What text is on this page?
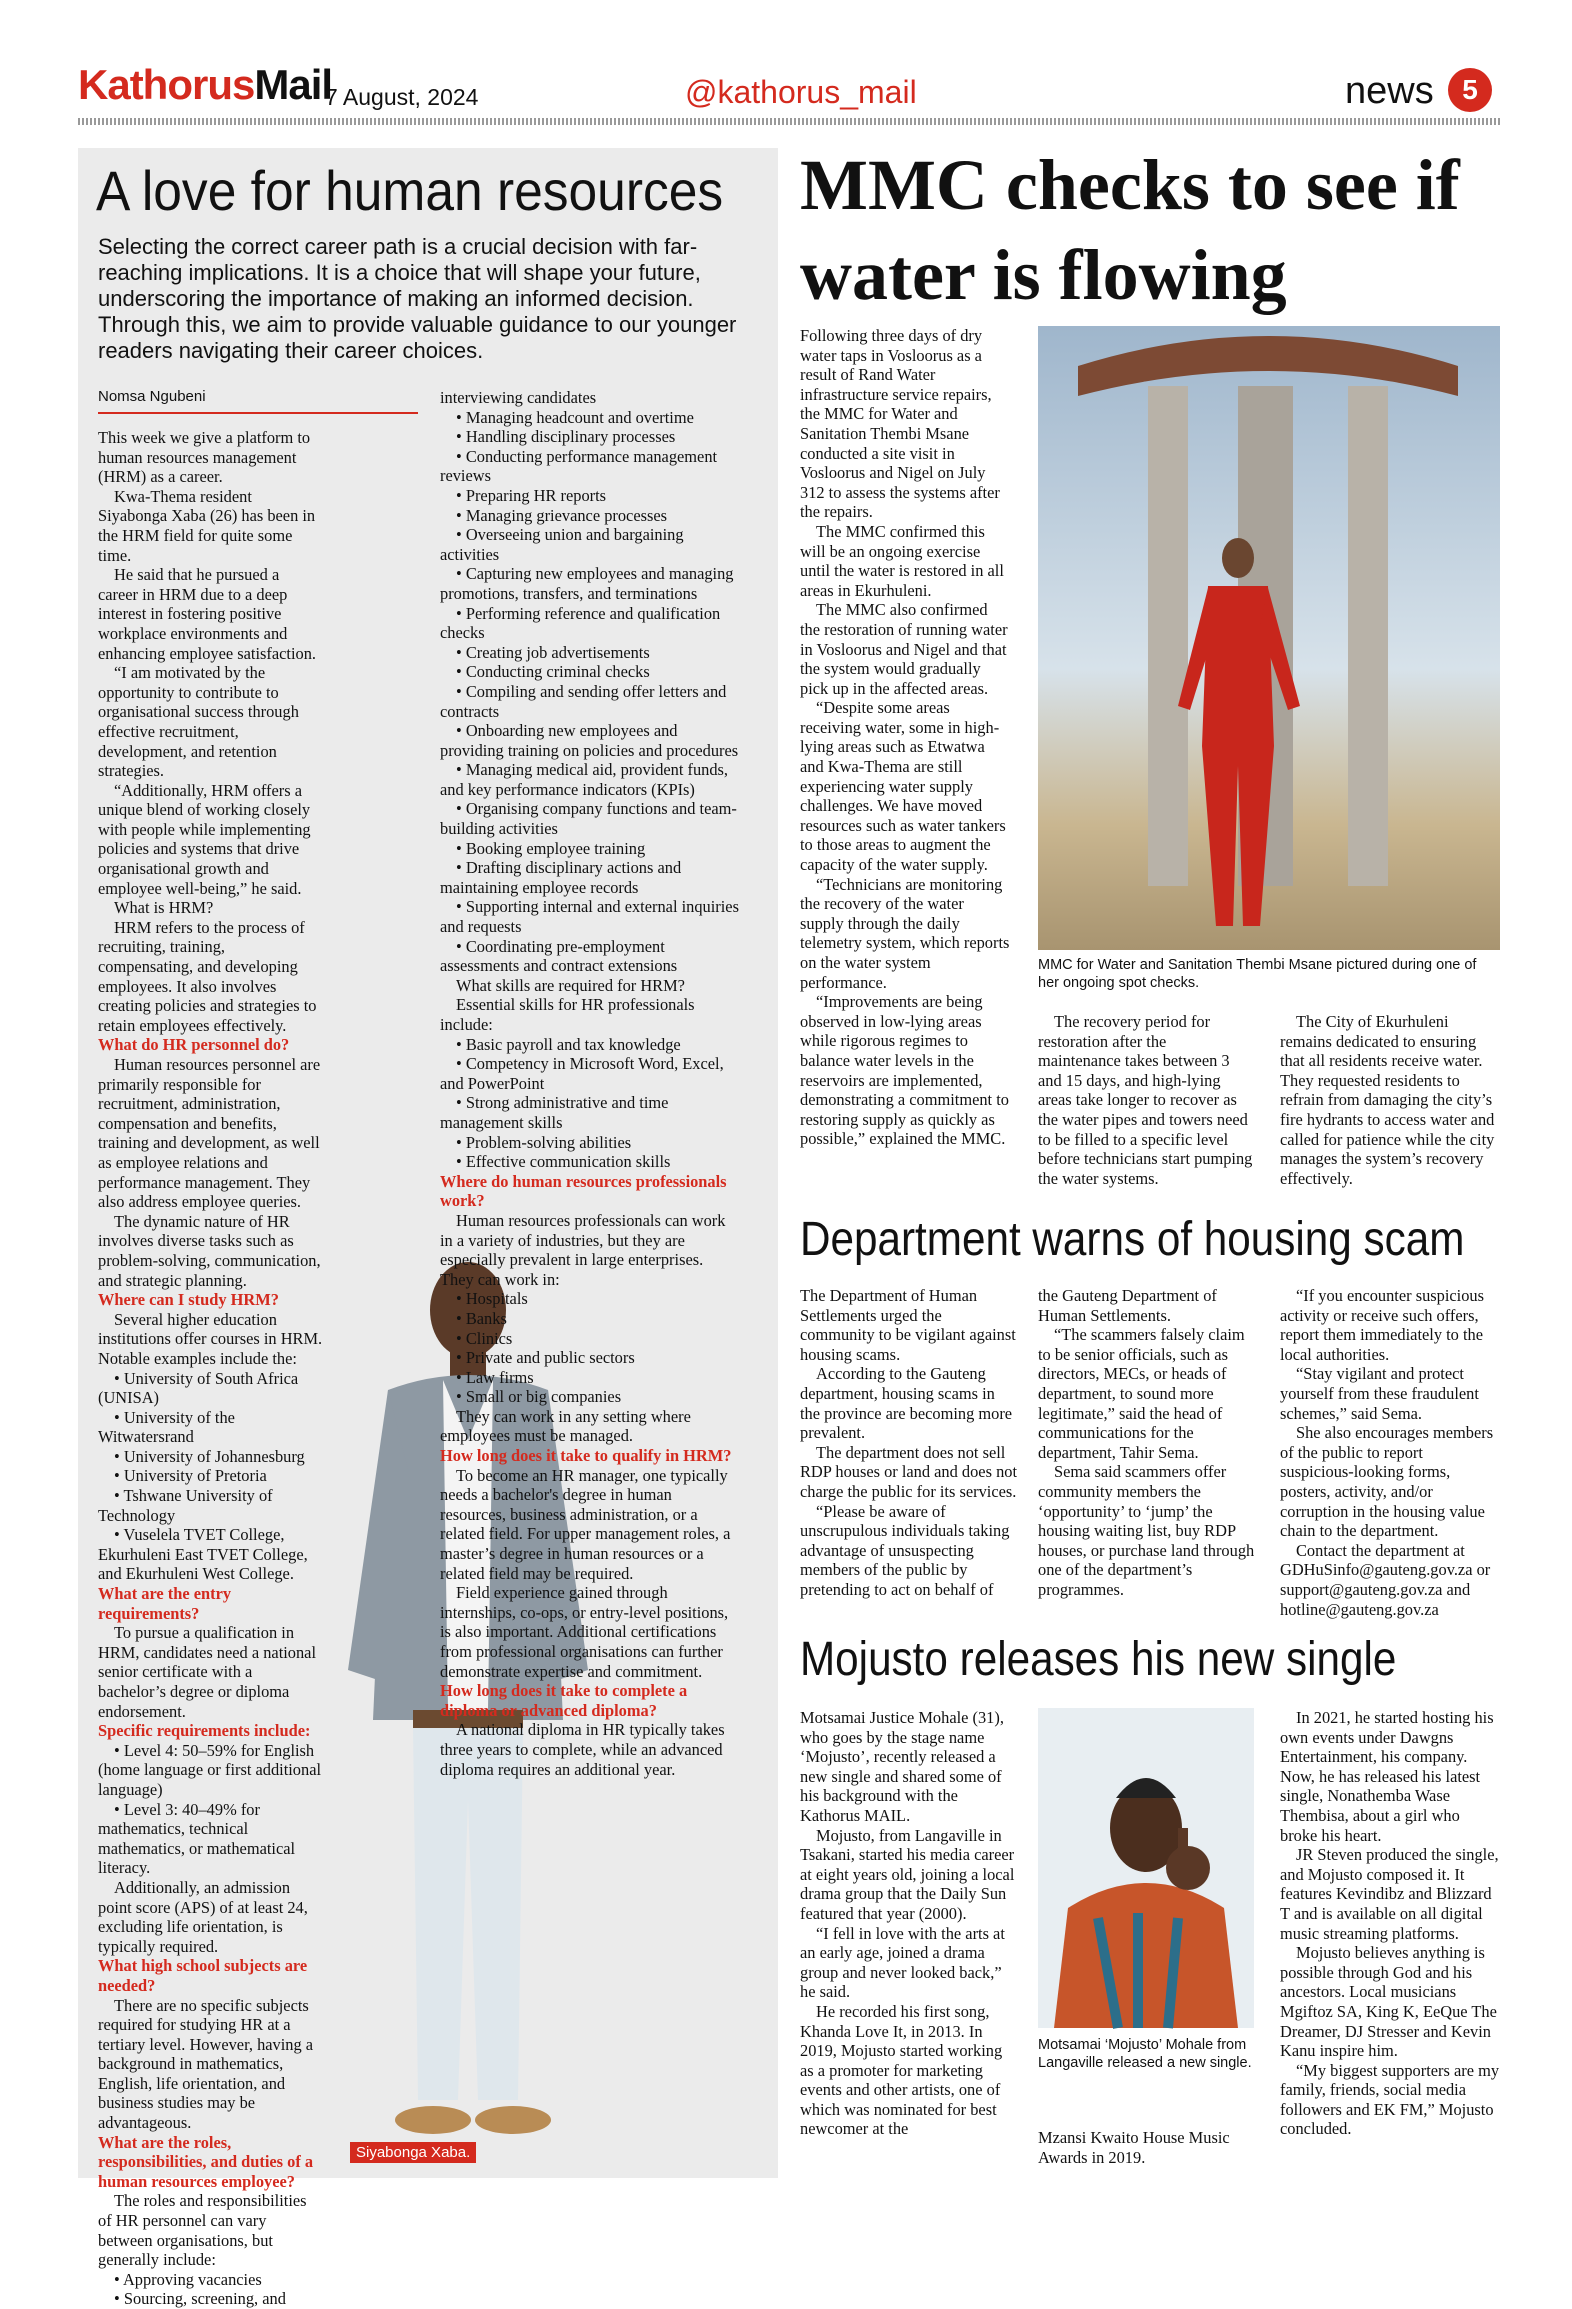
KathorusMail
7 August, 2024	@kathorus_mail	news	5
A love for human resources
Selecting the correct career path is a crucial decision with far-reaching implications. It is a choice that will shape your future, underscoring the importance of making an informed decision. Through this, we aim to provide valuable guidance to our younger readers navigating their career choices.
Nomsa Ngubeni

This week we give a platform to human resources management (HRM) as a career.

Kwa-Thema resident Siyabonga Xaba (26) has been in the HRM field for quite some time.

He said that he pursued a career in HRM due to a deep interest in fostering positive workplace environments and enhancing employee satisfaction.

“I am motivated by the opportunity to contribute to organisational success through effective recruitment, development, and retention strategies.

“Additionally, HRM offers a unique blend of working closely with people while implementing policies and systems that drive organisational growth and employee well-being,” he said.

What is HRM?

HRM refers to the process of recruiting, training, compensating, and developing employees. It also involves creating policies and strategies to retain employees effectively.

What do HR personnel do?

Human resources personnel are primarily responsible for recruitment, administration, compensation and benefits, training and development, as well as employee relations and performance management. They also address employee queries.

The dynamic nature of HR involves diverse tasks such as problem-solving, communication, and strategic planning.

Where can I study HRM?

Several higher education institutions offer courses in HRM. Notable examples include the:

• University of South Africa (UNISA)

• University of the Witwatersrand

• University of Johannesburg

• University of Pretoria

• Tshwane University of Technology

• Vuselela TVET College, Ekurhuleni East TVET College, and Ekurhuleni West College.

What are the entry requirements?

To pursue a qualification in HRM, candidates need a national senior certificate with a bachelor’s degree or diploma endorsement.

Specific requirements include:

• Level 4: 50–59% for English (home language or first additional language)

• Level 3: 40–49% for mathematics, technical mathematics, or mathematical literacy.

Additionally, an admission point score (APS) of at least 24, excluding life orientation, is typically required.

What high school subjects are needed?

There are no specific subjects required for studying HR at a tertiary level. However, having a background in mathematics, English, life orientation, and business studies may be advantageous.

What are the roles, responsibilities, and duties of a human resources employee?

The roles and responsibilities of HR personnel can vary between organisations, but generally include:

• Approving vacancies

• Sourcing, screening, and

Siyabonga Xaba.

interviewing candidates

• Managing headcount and overtime

• Handling disciplinary processes

• Conducting performance management reviews

• Preparing HR reports

• Managing grievance processes

• Overseeing union and bargaining activities

• Capturing new employees and managing promotions, transfers, and terminations

• Performing reference and qualification checks

• Creating job advertisements

• Conducting criminal checks

• Compiling and sending offer letters and contracts

• Onboarding new employees and providing training on policies and procedures

• Managing medical aid, provident funds, and key performance indicators (KPIs)

• Organising company functions and team-building activities

• Booking employee training

• Drafting disciplinary actions and maintaining employee records

• Supporting internal and external inquiries and requests

• Coordinating pre-employment assessments and contract extensions

What skills are required for HRM?

Essential skills for HR professionals include:

• Basic payroll and tax knowledge

• Competency in Microsoft Word, Excel, and PowerPoint

• Strong administrative and time management skills

• Problem-solving abilities

• Effective communication skills

Where do human resources professionals work?

Human resources professionals can work in a variety of industries, but they are especially prevalent in large enterprises. They can work in:

• Hospitals

• Banks

• Clinics

• Private and public sectors

• Law firms

• Small or big companies

They can work in any setting where employees must be managed.

How long does it take to qualify in HRM?

To become an HR manager, one typically needs a bachelor's degree in human resources, business administration, or a related field. For upper management roles, a master’s degree in human resources or a related field may be required.

Field experience gained through internships, co-ops, or entry-level positions, is also important. Additional certifications from professional organisations can further demonstrate expertise and commitment.

How long does it take to complete a diploma or advanced diploma?

A national diploma in HR typically takes three years to complete, while an advanced diploma requires an additional year.

MMC checks to see if water is flowing

Following three days of dry water taps in Vosloorus as a result of Rand Water infrastructure service repairs, the MMC for Water and Sanitation Thembi Msane conducted a site visit in Vosloorus and Nigel on July 312 to assess the systems after the repairs.

The MMC confirmed this will be an ongoing exercise until the water is restored in all areas in Ekurhuleni.

The MMC also confirmed the restoration of running water in Vosloorus and Nigel and that the system would gradually pick up in the affected areas.

“Despite some areas receiving water, some in high-lying areas such as Etwatwa and Kwa-Thema are still experiencing water supply challenges. We have moved resources such as water tankers to those areas to augment the capacity of the water supply.

“Technicians are monitoring the recovery of the water supply through the daily telemetry system, which reports on the water system performance.

“Improvements are being observed in low-lying areas while rigorous regimes to balance water levels in the reservoirs are implemented, demonstrating a commitment to restoring supply as quickly as possible,” explained the MMC.

MMC for Water and Sanitation Thembi Msane pictured during one of her ongoing spot checks.

The recovery period for restoration after the maintenance takes between 3 and 15 days, and high-lying areas take longer to recover as the water pipes and towers need to be filled to a specific level before technicians start pumping the water systems.

The City of Ekurhuleni remains dedicated to ensuring that all residents receive water. They requested residents to refrain from damaging the city’s fire hydrants to access water and called for patience while the city manages the system’s recovery effectively.

Department warns of housing scam

The Department of Human Settlements urged the community to be vigilant against housing scams.

According to the Gauteng department, housing scams in the province are becoming more prevalent.

The department does not sell RDP houses or land and does not charge the public for its services.

“Please be aware of unscrupulous individuals taking advantage of unsuspecting members of the public by pretending to act on behalf of

the Gauteng Department of Human Settlements.

“The scammers falsely claim to be senior officials, such as directors, MECs, or heads of department, to sound more legitimate,” said the head of communications for the department, Tahir Sema.

Sema said scammers offer community members the ‘opportunity’ to ‘jump’ the housing waiting list, buy RDP houses, or purchase land through one of the department’s programmes.

“If you encounter suspicious activity or receive such offers, report them immediately to the local authorities.

“Stay vigilant and protect yourself from these fraudulent schemes,” said Sema.

She also encourages members of the public to report suspicious-looking forms, posters, activity, and/or corruption in the housing value chain to the department.

Contact the department at GDHuSinfo@gauteng.gov.za or support@gauteng.gov.za and hotline@gauteng.gov.za

Mojusto releases his new single

Motsamai Justice Mohale (31), who goes by the stage name ‘Mojusto’, recently released a new single and shared some of his background with the Kathorus MAIL.

Mojusto, from Langaville in Tsakani, started his media career at eight years old, joining a local drama group that the Daily Sun featured that year (2000).

“I fell in love with the arts at an early age, joined a drama group and never looked back,” he said.

He recorded his first song, Khanda Love It, in 2013. In 2019, Mojusto started working as a promoter for marketing events and other artists, one of which was nominated for best newcomer at the

Motsamai ‘Mojusto’ Mohale from Langaville released a new single.
Mzansi Kwaito House Music Awards in 2019.

In 2021, he started hosting his own events under Dawgns Entertainment, his company. Now, he has released his latest single, Nonathemba Wase Thembisa, about a girl who broke his heart.

JR Steven produced the single, and Mojusto composed it. It features Kevindibz and Blizzard T and is available on all digital music streaming platforms.

Mojusto believes anything is possible through God and his ancestors. Local musicians Mgiftoz SA, King K, EeQue The Dreamer, DJ Stresser and Kevin Kanu inspire him.

“My biggest supporters are my family, friends, social media followers and EK FM,” Mojusto concluded.
